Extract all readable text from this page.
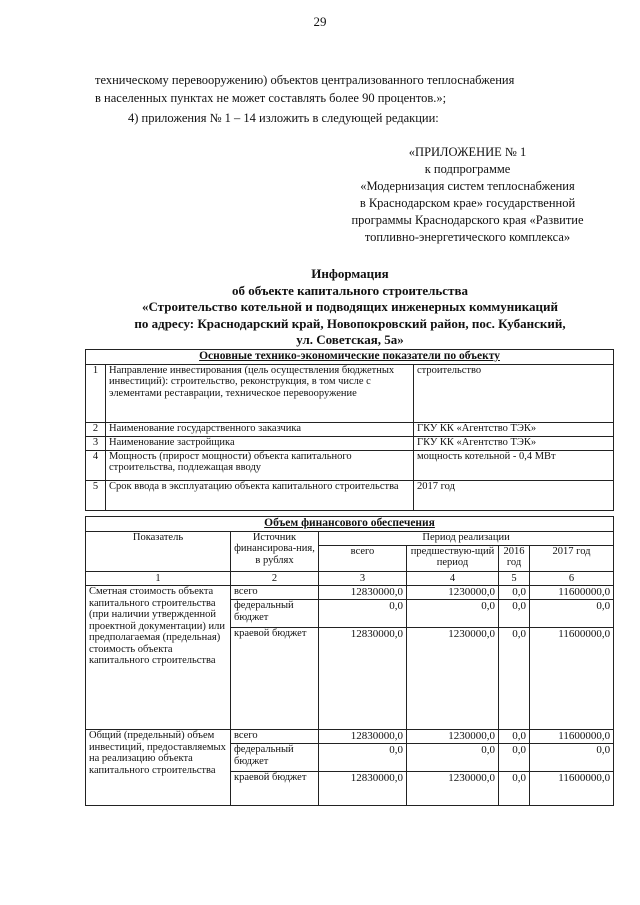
29
техническому перевооружению) объектов централизованного теплоснабжения
в населенных пунктах не может составлять более 90 процентов.»;
4) приложения № 1 – 14 изложить в следующей редакции:
«ПРИЛОЖЕНИЕ № 1
к подпрограмме
«Модернизация систем теплоснабжения
в Краснодарском крае» государственной
программы Краснодарского края «Развитие
топливно-энергетического комплекса»
Информация
об объекте капитального строительства
«Строительство котельной и подводящих инженерных коммуникаций
по адресу: Краснодарский край, Новопокровский район, пос. Кубанский,
ул. Советская, 5а»
Основные технико-экономические показатели по объекту		
1	Направление инвестирования (цель осуществления бюджетных инвестиций): строительство, реконструкция, в том числе с элементами реставрации, техническое перевооружение	строительство
2	Наименование государственного заказчика	ГКУ КК «Агентство ТЭК»
3	Наименование застройщика	ГКУ КК «Агентство ТЭК»
4	Мощность (прирост мощности) объекта капитального строительства, подлежащая вводу	мощность котельной - 0,4 МВт
5	Срок ввода в эксплуатацию объекта капитального строительства	2017 год
Объем финансового обеспечения					
Показатель	Источник финансирова-ния, в рублях	Период реализации			
		всего	предшествую-щий период	2016 год	2017 год
1	2	3	4	5	6
Сметная стоимость объекта капитального строительства (при наличии утвержденной проектной документации) или предполагаемая (предельная) стоимость объекта капитального строительства	всего	12830000,0	1230000,0	0,0	11600000,0
	федеральный бюджет	0,0	0,0	0,0	0,0
	краевой бюджет	12830000,0	1230000,0	0,0	11600000,0
Общий (предельный) объем инвестиций, предоставляемых на реализацию объекта капитального строительства	всего	12830000,0	1230000,0	0,0	11600000,0
	федеральный бюджет	0,0	0,0	0,0	0,0
	краевой бюджет	12830000,0	1230000,0	0,0	11600000,0
